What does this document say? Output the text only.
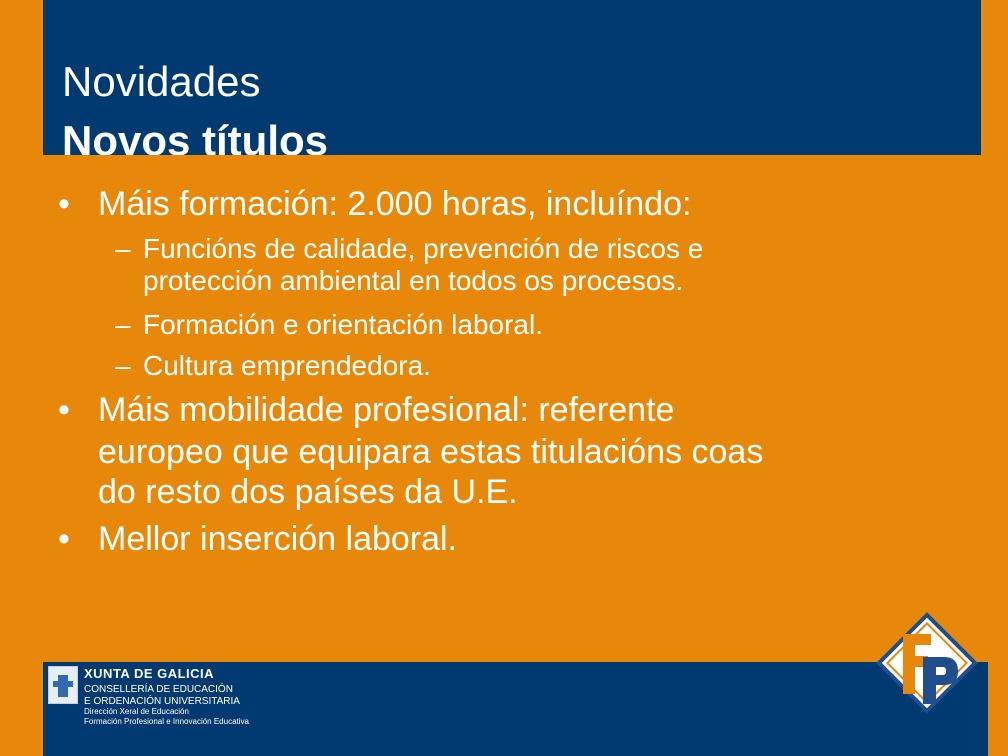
Novidades
Novos títulos
• Máis formación: 2.000 horas, incluíndo:
– Funcións de calidade, prevención de riscos e
protección ambiental en todos os procesos.
– Formación e orientación laboral.
– Cultura emprendedora.
• Máis mobilidade profesional: referente
europeo que equipara estas titulacións coas
do resto dos países da U.E.
• Mellor inserción laboral.
XUNTA DE GALICIA
CONSELLERÍA DE EDUCACIÓN
E ORDENACIÓN UNIVERSITARIA
Dirección Xeral de Educación
Formación Profesional e Innovación Educativa
